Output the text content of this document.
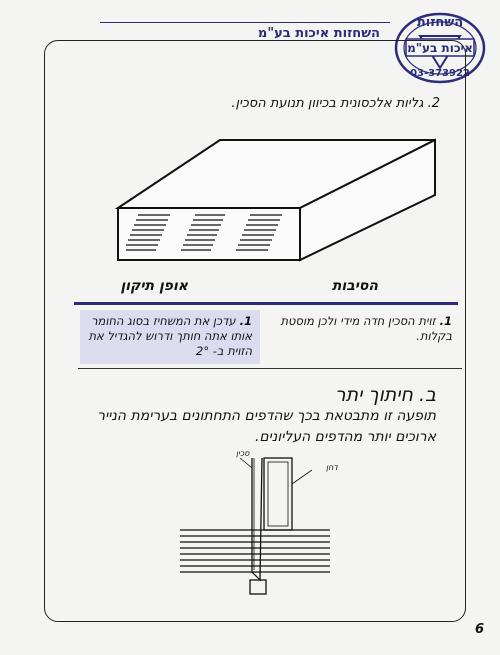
השחזות איכות בע"מ
השחזות
איכות בע"מ
03-373922
2. גליות אלכסונית בכיוון תנועת הסכין.
הסיבות
אופן תיקון
1.זוית הסכין חדה מידי ולכן מוסטת בקלות.
1.עדכן את המשחיז בסוג החומר אותו אתה חותך ודרוש להגדיל את הזוית ב- 2°
ב. חיתוך יתר
תופעה זו מתבטאת בכך שהדפים התחתונים בערימת הנייר ארוכים יותר מהדפים העליונים.
סכין
דחן
6
